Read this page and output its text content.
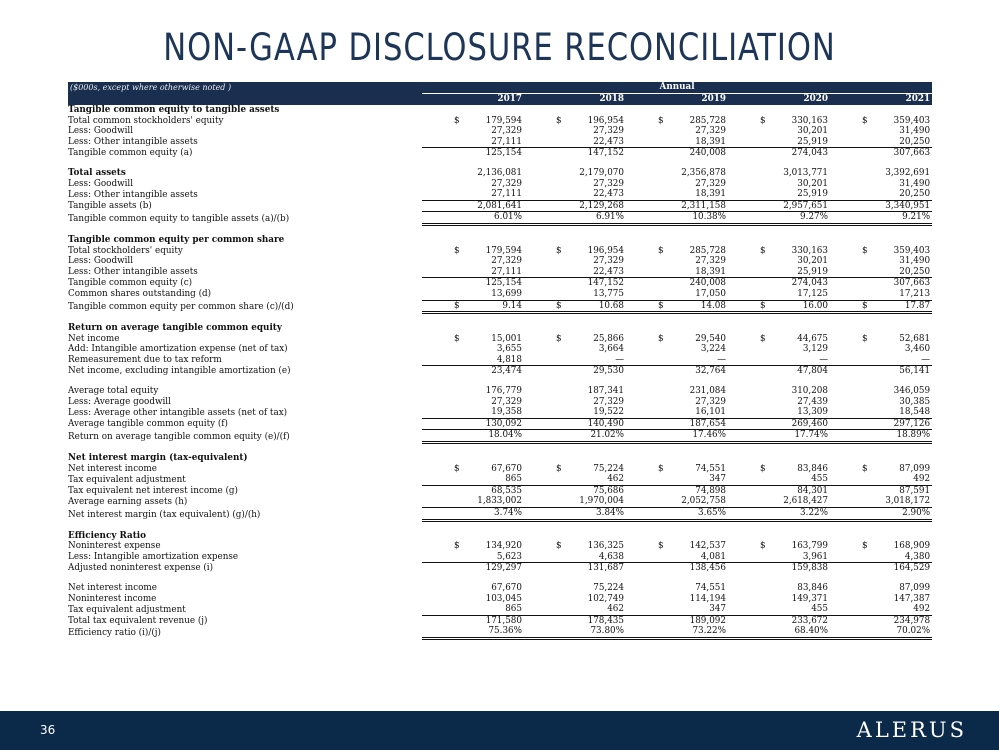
NON-GAAP DISCLOSURE RECONCILIATION
($000s, except where otherwise noted )	Annual									
		2017		2018		2019		2020		2021
Tangible common equity to tangible assets										
Total common stockholders' equity	$	179,594	$	196,954	$	285,728	$	330,163	$	359,403
Less: Goodwill		27,329		27,329		27,329		30,201		31,490
Less: Other intangible assets		27,111		22,473		18,391		25,919		20,250
Tangible common equity (a)		125,154		147,152		240,008		274,043		307,663

Total assets		2,136,081		2,179,070		2,356,878		3,013,771		3,392,691
Less: Goodwill		27,329		27,329		27,329		30,201		31,490
Less: Other intangible assets		27,111		22,473		18,391		25,919		20,250
Tangible assets (b)		2,081,641		2,129,268		2,311,158		2,957,651		3,340,951
Tangible common equity to tangible assets (a)/(b)		6.01%		6.91%		10.38%		9.27%		9.21%

Tangible common equity per common share										
Total stockholders' equity	$	179,594	$	196,954	$	285,728	$	330,163	$	359,403
Less: Goodwill		27,329		27,329		27,329		30,201		31,490
Less: Other intangible assets		27,111		22,473		18,391		25,919		20,250
Tangible common equity (c)		125,154		147,152		240,008		274,043		307,663
Common shares outstanding (d)		13,699		13,775		17,050		17,125		17,213
Tangible common equity per common share (c)/(d)	$	9.14	$	10.68	$	14.08	$	16.00	$	17.87

Return on average tangible common equity										
Net income	$	15,001	$	25,866	$	29,540	$	44,675	$	52,681
Add: Intangible amortization expense (net of tax)		3,655		3,664		3,224		3,129		3,460
Remeasurement due to tax reform		4,818		—		—		—		—
Net income, excluding intangible amortization (e)		23,474		29,530		32,764		47,804		56,141

Average total equity		176,779		187,341		231,084		310,208		346,059
Less: Average goodwill		27,329		27,329		27,329		27,439		30,385
Less: Average other intangible assets (net of tax)		19,358		19,522		16,101		13,309		18,548
Average tangible common equity (f)		130,092		140,490		187,654		269,460		297,126
Return on average tangible common equity (e)/(f)		18.04%		21.02%		17.46%		17.74%		18.89%

Net interest margin (tax-equivalent)										
Net interest income	$	67,670	$	75,224	$	74,551	$	83,846	$	87,099
Tax equivalent adjustment		865		462		347		455		492
Tax equivalent net interest income (g)		68,535		75,686		74,898		84,301		87,591
Average earning assets (h)		1,833,002		1,970,004		2,052,758		2,618,427		3,018,172
Net interest margin (tax equivalent) (g)/(h)		3.74%		3.84%		3.65%		3.22%		2.90%

Efficiency Ratio										
Noninterest expense	$	134,920	$	136,325	$	142,537	$	163,799	$	168,909
Less: Intangible amortization expense		5,623		4,638		4,081		3,961		4,380
Adjusted noninterest expense (i)		129,297		131,687		138,456		159,838		164,529

Net interest income		67,670		75,224		74,551		83,846		87,099
Noninterest income		103,045		102,749		114,194		149,371		147,387
Tax equivalent adjustment		865		462		347		455		492
Total tax equivalent revenue (j)		171,580		178,435		189,092		233,672		234,978
Efficiency ratio (i)/(j)		75.36%		73.80%		73.22%		68.40%		70.02%
36	ALERUS
